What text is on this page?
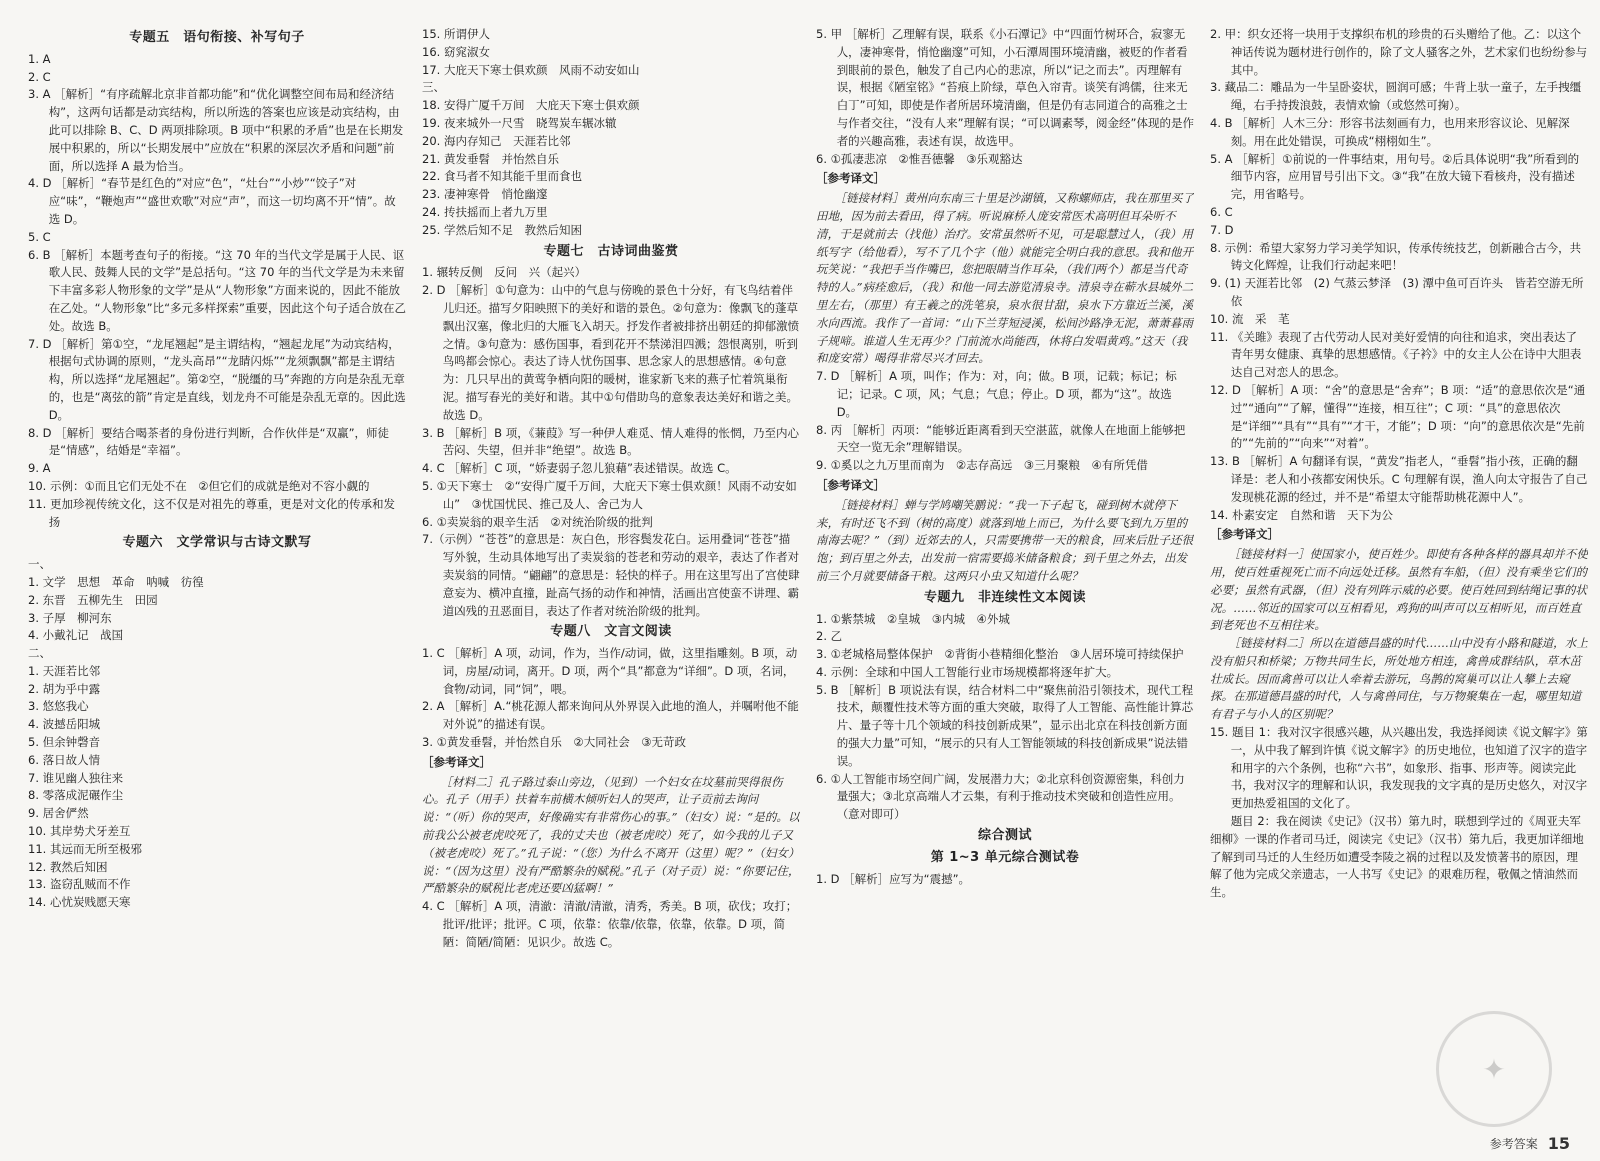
专题五　语句衔接、补写句子

1. A

2. C

3. A ［解析］“有序疏解北京非首都功能”和“优化调整空间布局和经济结构”，这两句话都是动宾结构，所以所选的答案也应该是动宾结构，由此可以排除 B、C、D 两项排除项。B 项中“积累的矛盾”也是在长期发展中积累的，所以“长期发展中”应放在“积累的深层次矛盾和问题”前面，所以选择 A 最为恰当。

4. D ［解析］“春节是红色的”对应“色”，“灶台”“小炒”“饺子”对应“味”，“鞭炮声”“盛世欢歌”对应“声”，而这一切均离不开“情”。故选 D。

5. C

6. B ［解析］本题考查句子的衔接。“这 70 年的当代文学是属于人民、讴歌人民、鼓舞人民的文学”是总括句。“这 70 年的当代文学是为未来留下丰富多彩人物形象的文学”是从“人物形象”方面来说的，因此不能放在乙处。“人物形象”比“多元多样探索”重要，因此这个句子适合放在乙处。故选 B。

7. D ［解析］第①空，“龙尾翘起”是主谓结构，“翘起龙尾”为动宾结构，根据句式协调的原则，“龙头高昂”“龙睛闪烁”“龙须飘飘”都是主谓结构，所以选择“龙尾翘起”。第②空，“脱缰的马”奔跑的方向是杂乱无章的，也是“离弦的箭”肯定是直线，划龙舟不可能是杂乱无章的。因此选 D。

8. D ［解析］要结合喝茶者的身份进行判断，合作伙伴是“双赢”，师徒是“情感”，结婚是“幸福”。

9. A

10. 示例：①而且它们无处不在　②但它们的成就是绝对不容小觑的

11. 更加珍视传统文化，这不仅是对祖先的尊重，更是对文化的传承和发扬

专题六　文学常识与古诗文默写

一、

1. 文学　思想　革命　呐喊　彷徨

2. 东晋　五柳先生　田园

3. 子厚　柳河东

4. 小戴礼记　战国

二、

1. 天涯若比邻

2. 胡为乎中露

3. 悠悠我心

4. 波撼岳阳城

5. 但余钟磬音

6. 落日故人情

7. 谁见幽人独往来

8. 零落成泥碾作尘

9. 居舍俨然

10. 其岸势犬牙差互

11. 其远而无所至极邪

12. 教然后知困

13. 盗窃乱贼而不作

14. 心忧炭贱愿天寒

15. 所谓伊人

16. 窈窕淑女

17. 大庇天下寒士俱欢颜　风雨不动安如山

三、

18. 安得广厦千万间　大庇天下寒士俱欢颜

19. 夜来城外一尺雪　晓驾炭车辗冰辙

20. 海内存知己　天涯若比邻

21. 黄发垂髫　并怡然自乐

22. 食马者不知其能千里而食也

23. 凄神寒骨　悄怆幽邃

24. 抟扶摇而上者九万里

25. 学然后知不足　教然后知困

专题七　古诗词曲鉴赏

1. 辗转反侧　反问　兴（起兴）

2. D ［解析］①句意为：山中的气息与傍晚的景色十分好，有飞鸟结着伴儿归还。描写夕阳映照下的美好和谐的景色。②句意为：像飘飞的蓬草飘出汉塞，像北归的大雁飞入胡天。抒发作者被排挤出朝廷的抑郁激愤之情。③句意为：感伤国事，看到花开不禁涕泪四溅；怨恨离别，听到鸟鸣都会惊心。表达了诗人忧伤国事、思念家人的思想感情。④句意为：几只早出的黄莺争栖向阳的暖树，谁家新飞来的燕子忙着筑巢衔泥。描写春光的美好和谐。其中①句借助鸟的意象表达美好和谐之美。故选 D。

3. B ［解析］B 项，《蒹葭》写一种伊人难觅、情人难得的怅惘，乃至内心苦闷、失望，但并非“绝望”。故选 B。

4. C ［解析］C 项，“娇妻弱子忽儿狼藉”表述错误。故选 C。

5. ①天下寒士　②“安得广厦千万间，大庇天下寒士俱欢颜！风雨不动安如山”　③忧国忧民、推己及人、舍己为人

6. ①卖炭翁的艰辛生活　②对统治阶级的批判

7.（示例）“苍苍”的意思是：灰白色，形容鬓发花白。运用叠词“苍苍”描写外貌，生动具体地写出了卖炭翁的苍老和劳动的艰辛，表达了作者对卖炭翁的同情。“翩翩”的意思是：轻快的样子。用在这里写出了宫使肆意妄为、横冲直撞，趾高气扬的动作和神情，活画出宫使蛮不讲理、霸道凶残的丑恶面目，表达了作者对统治阶级的批判。

专题八　文言文阅读

1. C ［解析］A 项，动词，作为，当作/动词，做，这里指雕刻。B 项，动词，房屋/动词，离开。D 项，两个“具”都意为“详细”。D 项，名词，食物/动词，同“饲”，喂。

2. A ［解析］A.“桃花源人都来询问从外界误入此地的渔人，并嘱咐他不能对外说”的描述有误。

3. ①黄发垂髫，并怡然自乐　②大同社会　③无苛政

［参考译文］

［材料二］孔子路过泰山旁边，（见到）一个妇女在坟墓前哭得很伤心。孔子（用手）扶着车前横木倾听妇人的哭声，让子贡前去询问说：“（听）你的哭声，好像确实有非常伤心的事。”（妇女）说：“是的。以前我公公被老虎咬死了，我的丈夫也（被老虎咬）死了，如今我的儿子又（被老虎咬）死了。”孔子说：“（您）为什么不离开（这里）呢？”（妇女）说：“（因为这里）没有严酷繁杂的赋税。”孔子（对子贡）说：“你要记住，严酷繁杂的赋税比老虎还要凶猛啊！”

4. C ［解析］A 项，清澈：清澈/清澈，清秀，秀美。B 项，砍伐；攻打；批评/批评；批评。C 项，依靠：依靠/依靠，依靠，依靠。D 项，简陋：简陋/简陋：见识少。故选 C。

5. 甲 ［解析］乙理解有误，联系《小石潭记》中“四面竹树环合，寂寥无人，凄神寒骨，悄怆幽邃”可知，小石潭周围环境清幽，被贬的作者看到眼前的景色，触发了自己内心的悲凉，所以“记之而去”。丙理解有误，根据《陋室铭》“苔痕上阶绿，草色入帘青。谈笑有鸿儒，往来无白丁”可知，即使是作者所居环境清幽，但是仍有志同道合的高雅之士与作者交往，“没有人来”理解有误；“可以调素琴，阅金经”体现的是作者的兴趣高雅，表述有误，故选甲。

6. ①孤凄悲凉　②惟吾德馨　③乐观豁达

［参考译文］

［链接材料］黄州向东南三十里是沙湖镇，又称螺师店，我在那里买了田地，因为前去看田，得了病。听说麻桥人庞安常医术高明但耳朵听不清，于是就前去（找他）治疗。安常虽然听不见，可是聪慧过人，（我）用纸写字（给他看），写不了几个字（他）就能完全明白我的意思。我和他开玩笑说：“我把手当作嘴巴，您把眼睛当作耳朵，（我们两个）都是当代奇特的人。”病痊愈后，（我）和他一同去游览清泉寺。清泉寺在蕲水县城外二里左右，（那里）有王羲之的洗笔泉，泉水很甘甜，泉水下方靠近兰溪，溪水向西流。我作了一首词：“山下兰芽短浸溪，松间沙路净无泥，萧萧暮雨子规啼。谁道人生无再少？门前流水尚能西，休将白发唱黄鸡。”这天（我和庞安常）喝得非常尽兴才回去。

7. D ［解析］A 项，叫作；作为：对，向；做。B 项，记载；标记；标记；记录。C 项，风；气息；气息；停止。D 项，都为“这”。故选 D。

8. 丙 ［解析］丙项：“能够近距离看到天空湛蓝，就像人在地面上能够把天空一览无余”理解错误。

9. ①奚以之九万里而南为　②志存高远　③三月聚粮　④有所凭借

［参考译文］

［链接材料］蝉与学鸠嘲笑鹏说：“我一下子起飞，碰到树木就停下来，有时还飞不到（树的高度）就落到地上而已，为什么要飞到九万里的南海去呢？”（到）近郊去的人，只需要携带一天的粮食，回来后肚子还很饱；到百里之外去，出发前一宿需要捣米储备粮食；到千里之外去，出发前三个月就要储备干粮。这两只小虫又知道什么呢？

专题九　非连续性文本阅读

1. ①紫禁城　②皇城　③内城　④外城

2. 乙

3. ①老城格局整体保护　②背街小巷精细化整治　③人居环境可持续保护

4. 示例：全球和中国人工智能行业市场规模都将逐年扩大。

5. B ［解析］B 项说法有误，结合材料二中“聚焦前沿引领技术，现代工程技术，颠覆性技术等方面的重大突破，取得了人工智能、高性能计算芯片、量子等十几个领域的科技创新成果”，显示出北京在科技创新方面的强大力量”可知，“展示的只有人工智能领域的科技创新成果”说法错误。

6. ①人工智能市场空间广阔，发展潜力大；②北京科创资源密集，科创力量强大；③北京高端人才云集，有利于推动技术突破和创造性应用。（意对即可）

综合测试
第 1~3 单元综合测试卷

1. D ［解析］应写为“震撼”。

2. 甲：织女还将一块用于支撑织布机的珍贵的石头赠给了他。乙：以这个神话传说为题材进行创作的，除了文人骚客之外，艺术家们也纷纷参与其中。

3. 藏品二：雕品为一牛呈卧姿状，圆润可感；牛背上驮一童子，左手拽缰绳，右手持拨浪鼓，表情欢愉（或悠然可掬）。

4. B ［解析］人木三分：形容书法刻画有力，也用来形容议论、见解深刻。用在此处错误，可换成“栩栩如生”。

5. A ［解析］①前说的一件事结束，用句号。②后具体说明“我”所看到的细节内容，应用冒号引出下文。③“我”在放大镜下看核舟，没有描述完，用省略号。

6. C

7. D

8. 示例：希望大家努力学习美学知识，传承传统技艺，创新融合古今，共铸文化辉煌，让我们行动起来吧！

9. (1) 天涯若比邻　(2) 气蒸云梦泽　(3) 潭中鱼可百许头　皆若空游无所依

10. 流　采　芼

11. 《关雎》表现了古代劳动人民对美好爱情的向往和追求，突出表达了青年男女健康、真挚的思想感情。《子衿》中的女主人公在诗中大胆表达自己对恋人的思念。

12. D ［解析］A 项：“舍”的意思是“舍弃”；B 项：“适”的意思依次是“通过”“通向”“了解，懂得”“连接，相互往”；C 项：“具”的意思依次是“详细”“具有”“具有”“才干，才能”；D 项：“向”的意思依次是“先前的”“先前的”“向来”“对着”。

13. B ［解析］A 句翻译有误，“黄发”指老人，“垂髫”指小孩，正确的翻译是：老人和小孩都安闲快乐。C 句理解有误，渔人向太守报告了自己发现桃花源的经过，并不是“希望太守能帮助桃花源中人”。

14. 朴素安定　自然和谐　天下为公

［参考译文］

［链接材料一］使国家小，使百姓少。即使有各种各样的器具却并不使用，使百姓重视死亡而不向远处迁移。虽然有车船，（但）没有乘坐它们的必要；虽然有武器，（但）没有列阵示威的必要。使百姓回到结绳记事的状况。……邻近的国家可以互相看见，鸡狗的叫声可以互相听见，而百姓直到老死也不互相往来。

［链接材料二］所以在道德昌盛的时代……山中没有小路和隧道，水上没有船只和桥梁；万物共同生长，所处地方相连，禽兽成群结队，草木茁壮成长。因而禽兽可以让人牵着去游玩，鸟鹊的窝巢可以让人攀上去窥探。在那道德昌盛的时代，人与禽兽同住，与万物聚集在一起，哪里知道有君子与小人的区别呢？

15. 题目 1：我对汉字很感兴趣，从兴趣出发，我选择阅读《说文解字》第一，从中我了解到许慎《说文解字》的历史地位，也知道了汉字的造字和用字的六个条例，也称“六书”，如象形、指事、形声等。阅读完此书，我对汉字的理解和认识，我发现我的文字真的是历史悠久，对汉字更加热爱祖国的文化了。

题目 2：我在阅读《史记》（汉书）第九时，联想到学过的《周亚夫军细柳》一课的作者司马迁，阅读完《史记》（汉书）第九后，我更加详细地了解到司马迁的人生经历如遭受李陵之祸的过程以及发愤著书的原因，理解了他为完成父亲遗志，一人书写《史记》的艰难历程，敬佩之情油然而生。

✦
参考答案 15
